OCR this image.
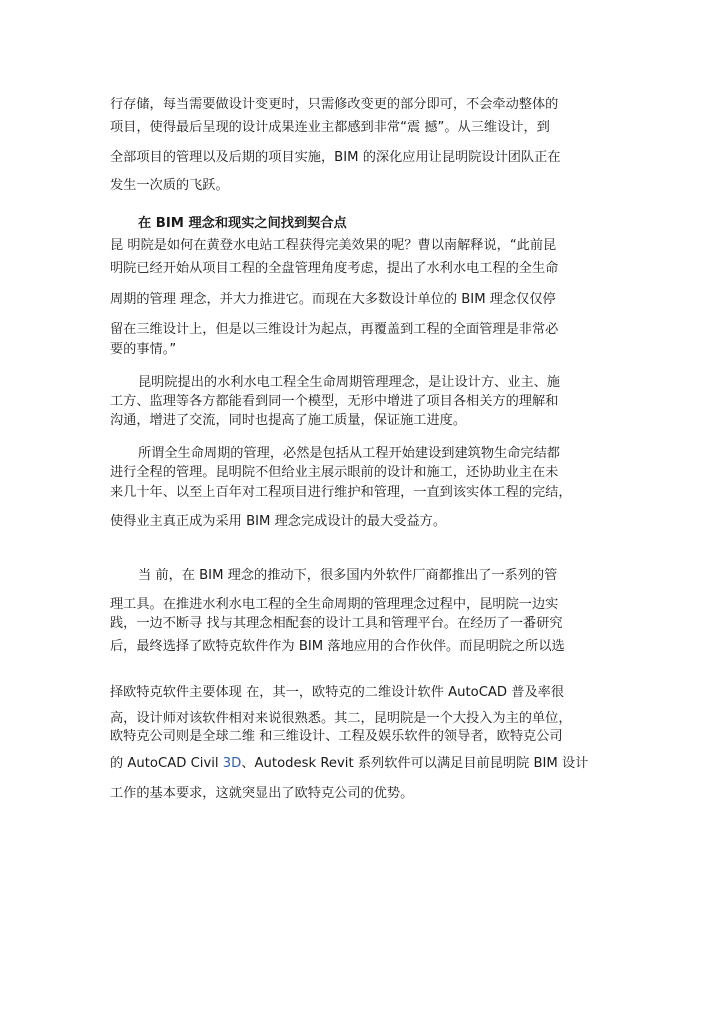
行存储，每当需要做设计变更时，只需修改变更的部分即可，不会牵动整体的
项目，使得最后呈现的设计成果连业主都感到非常“震 撼”。从三维设计，到
全部项目的管理以及后期的项目实施，BIM 的深化应用让昆明院设计团队正在
发生一次质的飞跃。
在 BIM 理念和现实之间找到契合点
昆 明院是如何在黄登水电站工程获得完美效果的呢？曹以南解释说，“此前昆
明院已经开始从项目工程的全盘管理角度考虑，提出了水利水电工程的全生命
周期的管理 理念，并大力推进它。而现在大多数设计单位的 BIM 理念仅仅停
留在三维设计上，但是以三维设计为起点，再覆盖到工程的全面管理是非常必
要的事情。”
昆明院提出的水利水电工程全生命周期管理理念，是让设计方、业主、施
工方、监理等各方都能看到同一个模型，无形中增进了项目各相关方的理解和
沟通，增进了交流，同时也提高了施工质量，保证施工进度。
所谓全生命周期的管理，必然是包括从工程开始建设到建筑物生命完结都
进行全程的管理。昆明院不但给业主展示眼前的设计和施工，还协助业主在未
来几十年、以至上百年对工程项目进行维护和管理，一直到该实体工程的完结，
使得业主真正成为采用 BIM 理念完成设计的最大受益方。
当 前，在 BIM 理念的推动下，很多国内外软件厂商都推出了一系列的管
理工具。在推进水利水电工程的全生命周期的管理理念过程中，昆明院一边实
践，一边不断寻 找与其理念相配套的设计工具和管理平台。在经历了一番研究
后，最终选择了欧特克软件作为 BIM 落地应用的合作伙伴。而昆明院之所以选
择欧特克软件主要体现 在，其一，欧特克的二维设计软件 AutoCAD 普及率很
高，设计师对该软件相对来说很熟悉。其二，昆明院是一个大投入为主的单位，
欧特克公司则是全球二维 和三维设计、工程及娱乐软件的领导者，欧特克公司
的 AutoCAD Civil 3D、Autodesk Revit 系列软件可以满足目前昆明院 BIM 设计
工作的基本要求，这就突显出了欧特克公司的优势。
